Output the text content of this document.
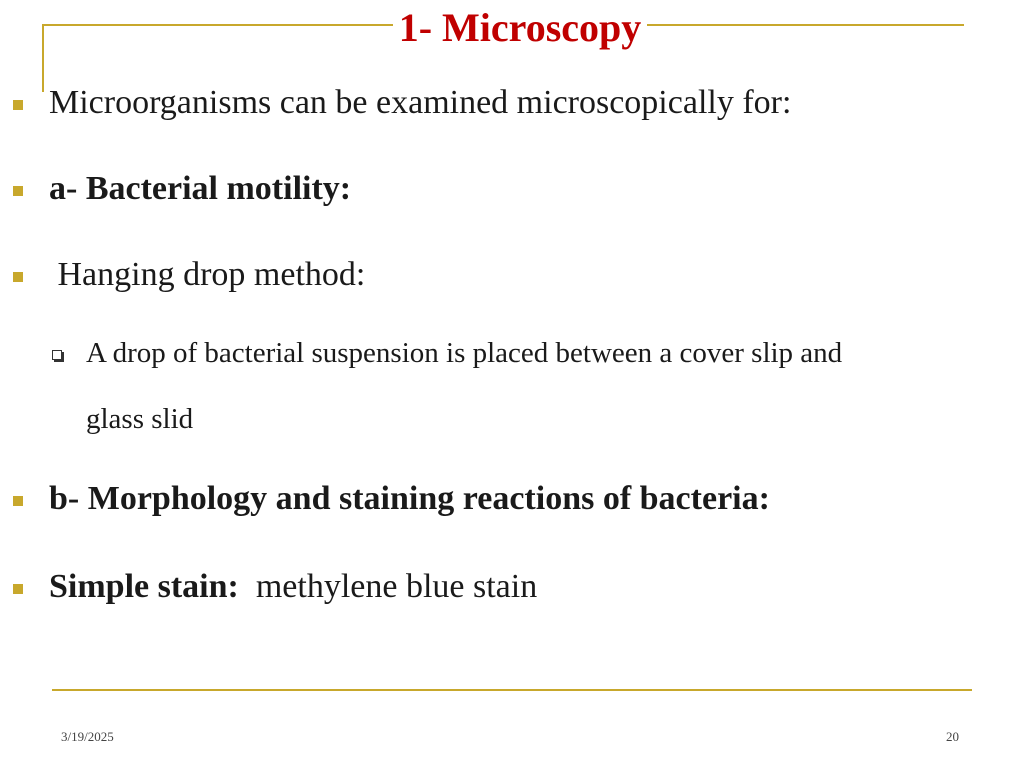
1- Microscopy
Microorganisms can be examined microscopically for:
a- Bacterial motility:
Hanging drop method:
A drop of bacterial suspension is placed between a cover slip and
glass slid
b- Morphology and staining reactions of bacteria:
Simple stain:  methylene blue stain
3/19/2025	20
